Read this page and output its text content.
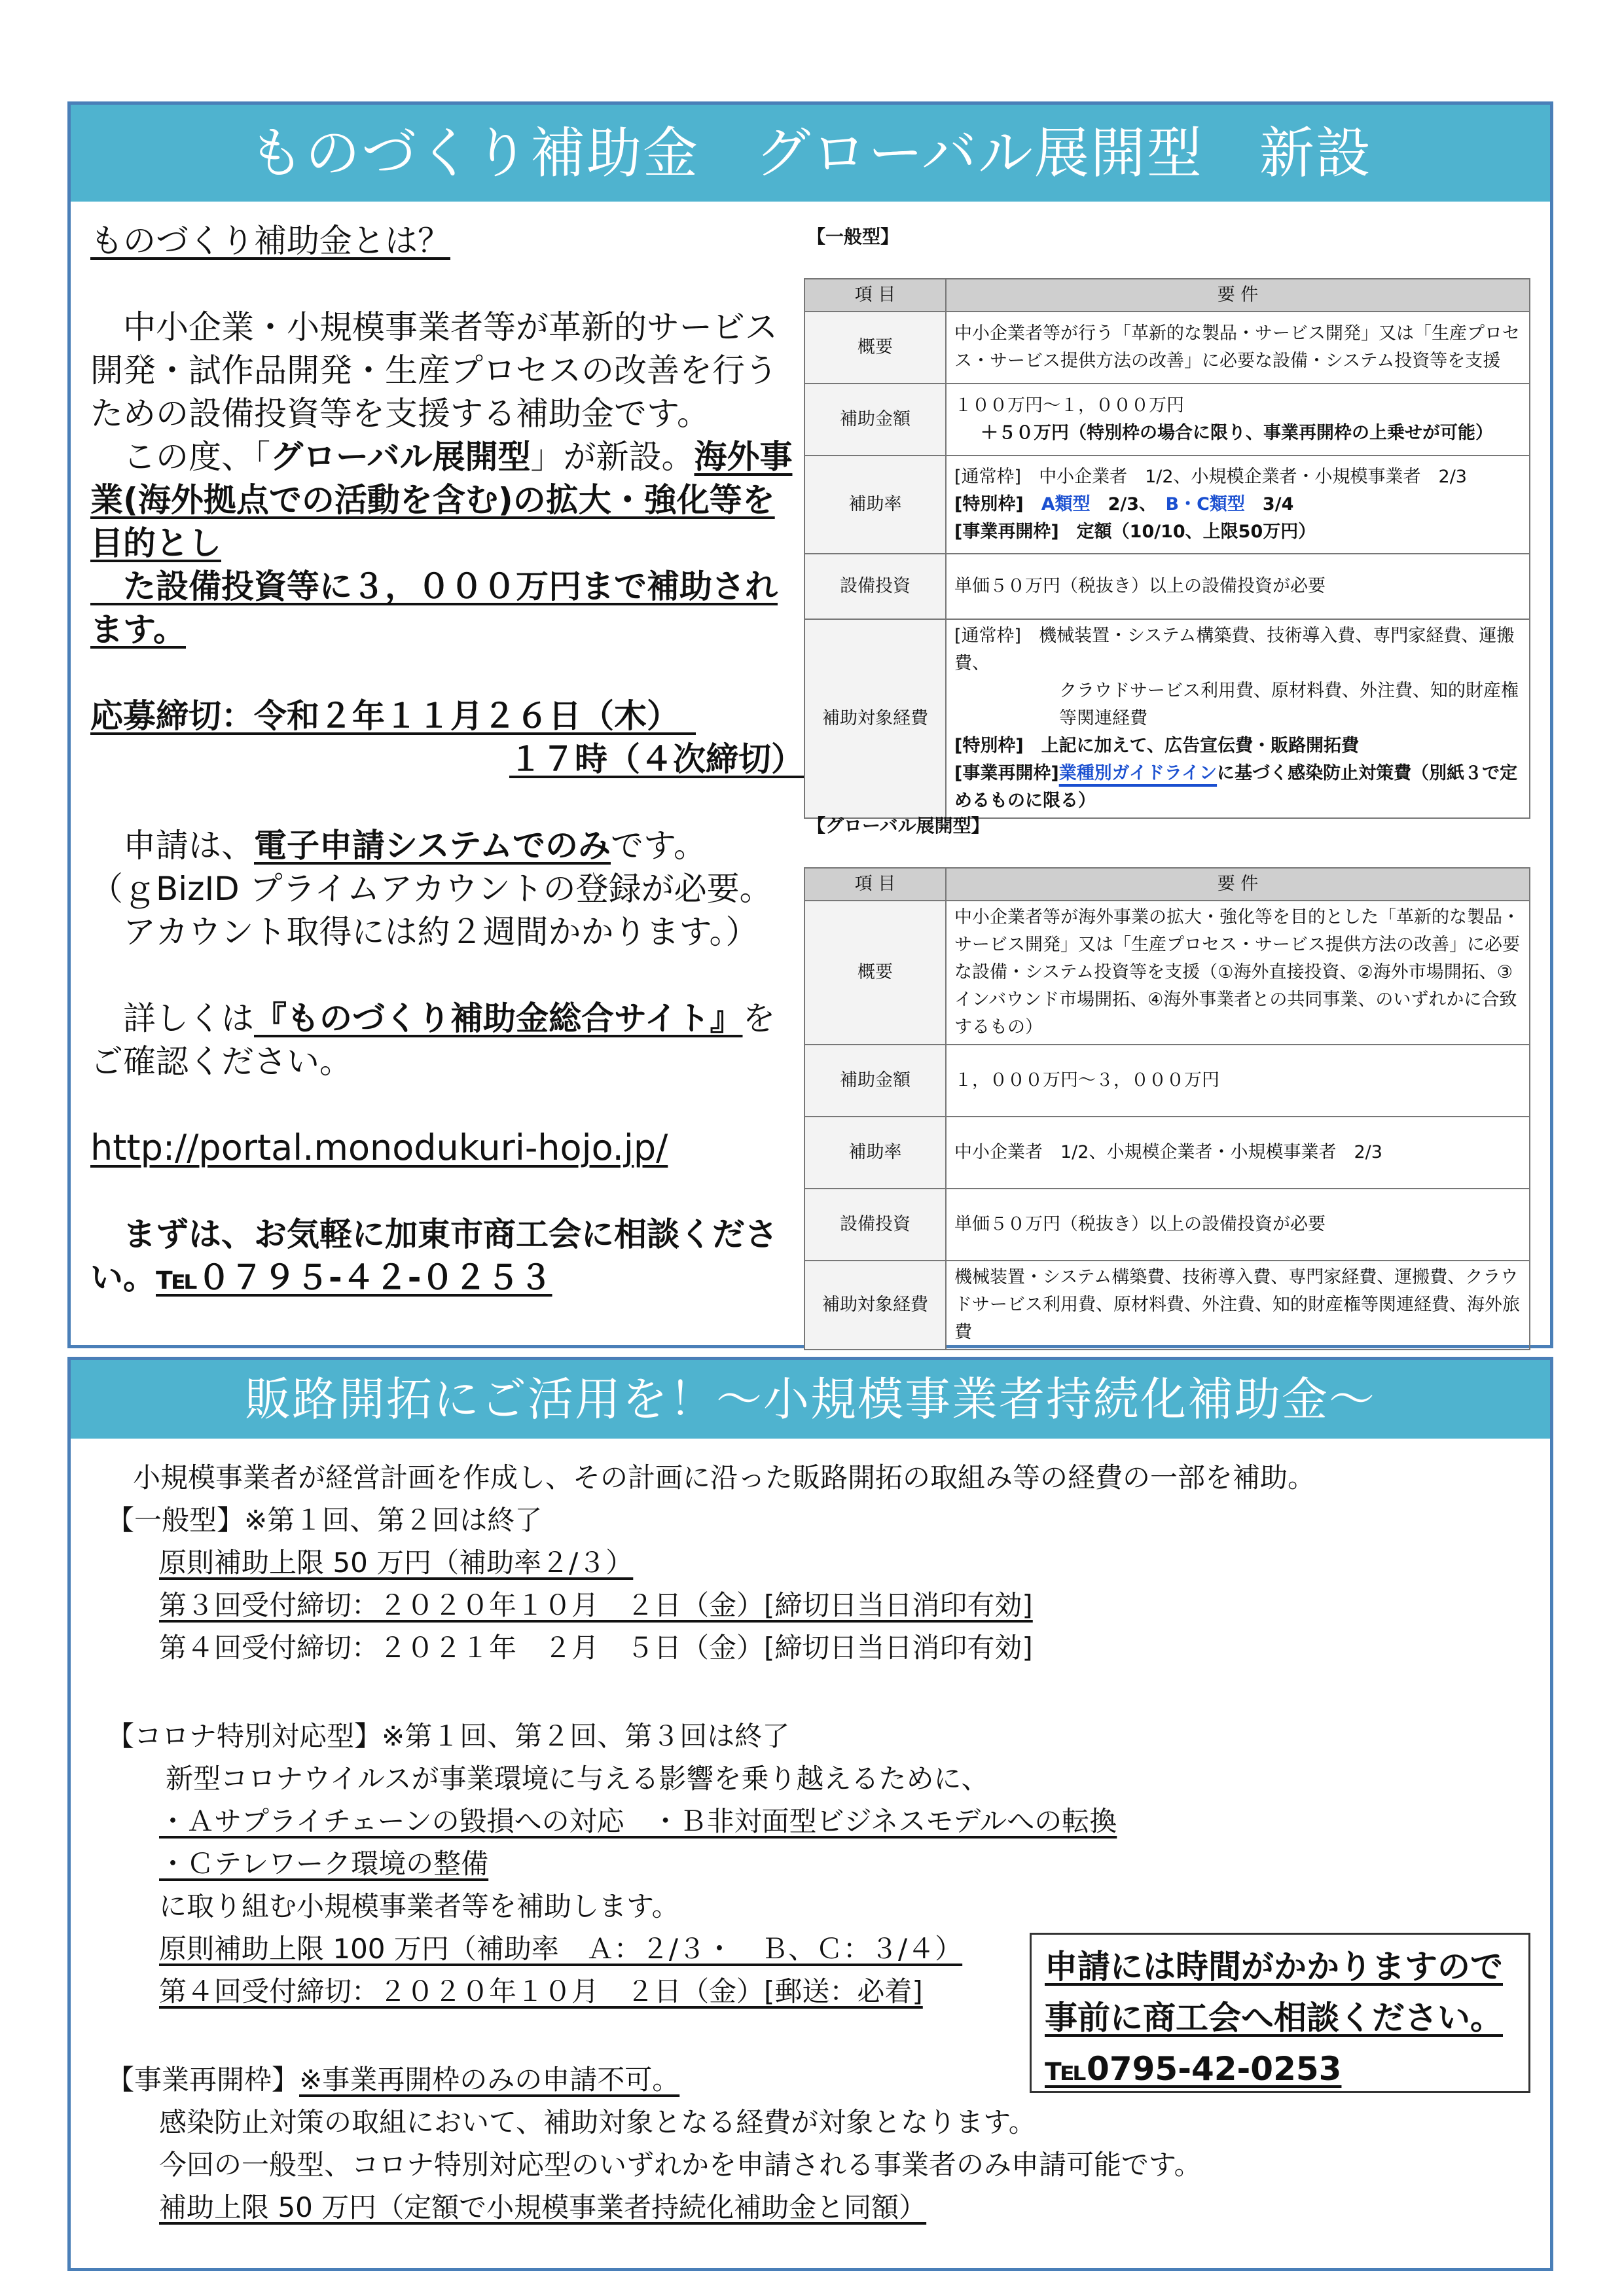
ものづくり補助金　グローバル展開型　新設

ものづくり補助金とは？

　中小企業・小規模事業者等が革新的サービス開発・試作品開発・生産プロセスの改善を行うための設備投資等を支援する補助金です。

　この度、「グローバル展開型」が新設。海外事業(海外拠点での活動を含む)の拡大・強化等を目的とし

　た設備投資等に３，０００万円まで補助されます。

応募締切：令和２年１１月２６日（木）　

１７時（４次締切）

　申請は、電子申請システムでのみです。

（ｇBizID プライムアカウントの登録が必要。

　アカウント取得には約２週間かかります。）

　詳しくは『ものづくり補助金総合サイト』をご確認ください。

http://portal.monodukuri-hojo.jp/

　まずは、お気軽に加東市商工会に相談ください。℡０７９５-４２-０２５３

【一般型】
項 目	要 件
概要	中小企業者等が行う「革新的な製品・サービス開発」又は「生産プロセス・サービス提供方法の改善」に必要な設備・システム投資等を支援
補助金額	１００万円～１，０００万円
＋５０万円（特別枠の場合に限り、事業再開枠の上乗せが可能）

補助率	[通常枠]　中小企業者　1/2、小規模企業者・小規模事業者　2/3
[特別枠]　A類型　2/3、　B・C類型　3/4
[事業再開枠]　定額（10/10、上限50万円）

設備投資	単価５０万円（税抜き）以上の設備投資が必要
補助対象経費	[通常枠]　機械装置・システム構築費、技術導入費、専門家経費、運搬費、
クラウドサービス利用費、原材料費、外注費、知的財産権等関連経費
[特別枠]　上記に加えて、広告宣伝費・販路開拓費
[事業再開枠]業種別ガイドラインに基づく感染防止対策費（別紙３で定めるものに限る）
【グローバル展開型】
項 目	要 件
概要	中小企業者等が海外事業の拡大・強化等を目的とした「革新的な製品・サービス開発」又は「生産プロセス・サービス提供方法の改善」に必要な設備・システム投資等を支援（①海外直接投資、②海外市場開拓、③インバウンド市場開拓、④海外事業者との共同事業、のいずれかに合致するもの）
補助金額	１，０００万円～３，０００万円
補助率	中小企業者　1/2、小規模企業者・小規模事業者　2/3
設備投資	単価５０万円（税抜き）以上の設備投資が必要
補助対象経費	機械装置・システム構築費、技術導入費、専門家経費、運搬費、クラウドサービス利用費、原材料費、外注費、知的財産権等関連経費、海外旅費
販路開拓にご活用を！～小規模事業者持続化補助金～
小規模事業者が経営計画を作成し、その計画に沿った販路開拓の取組み等の経費の一部を補助。
【一般型】※第１回、第２回は終了
原則補助上限 50 万円（補助率２/３）
第３回受付締切：２０２０年１０月　２日（金）[締切日当日消印有効]
第４回受付締切：２０２１年　２月　５日（金）[締切日当日消印有効]
【コロナ特別対応型】※第１回、第２回、第３回は終了
新型コロナウイルスが事業環境に与える影響を乗り越えるために、
・Ａサプライチェーンの毀損への対応　・Ｂ非対面型ビジネスモデルへの転換
・Ｃテレワーク環境の整備
に取り組む小規模事業者等を補助します。
原則補助上限 100 万円（補助率　Ａ：２/３・　Ｂ、Ｃ：３/４）
第４回受付締切：２０２０年１０月　２日（金）[郵送：必着]
【事業再開枠】※事業再開枠のみの申請不可。
感染防止対策の取組において、補助対象となる経費が対象となります。
今回の一般型、コロナ特別対応型のいずれかを申請される事業者のみ申請可能です。
補助上限 50 万円（定額で小規模事業者持続化補助金と同額）
申請には時間がかかりますので
事前に商工会へ相談ください。
℡0795-42-0253
